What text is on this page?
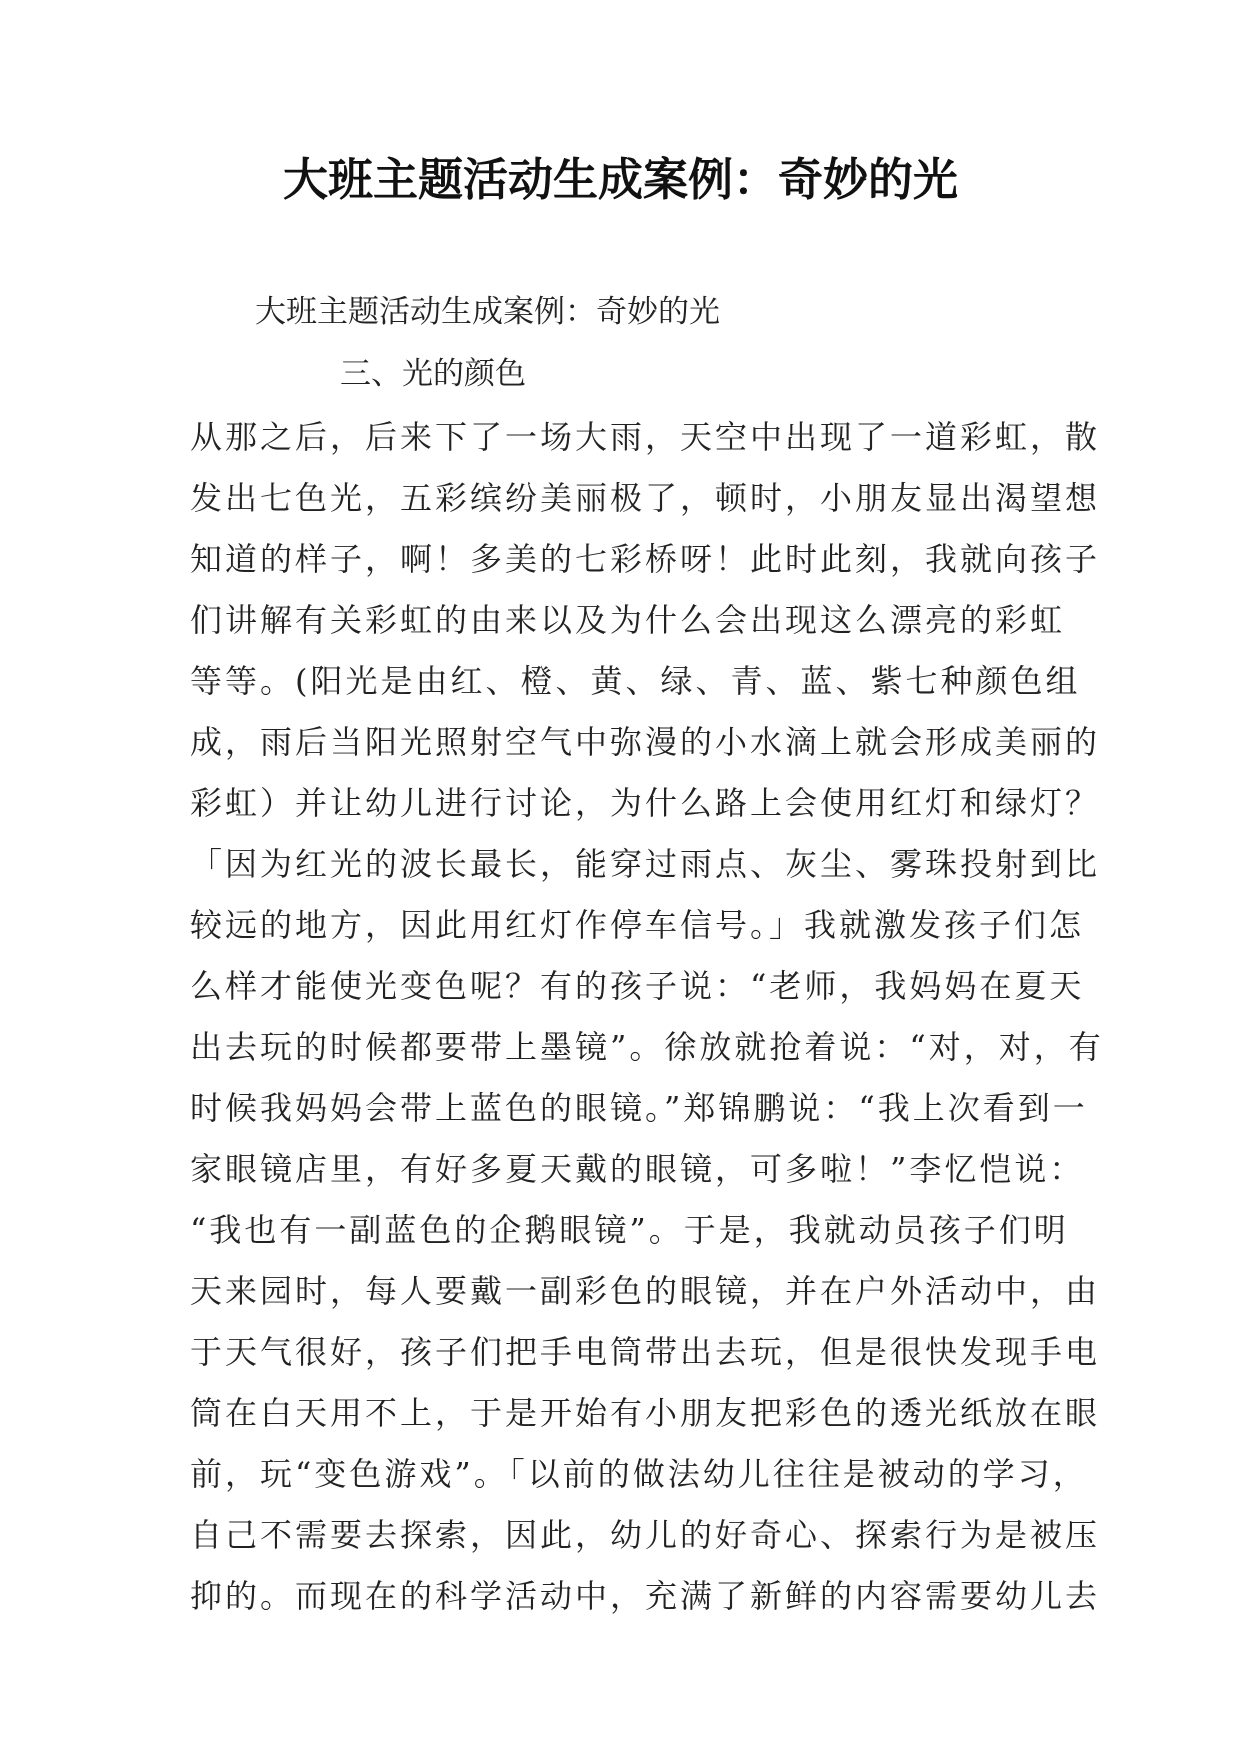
大班主题活动生成案例：奇妙的光

大班主题活动生成案例：奇妙的光

三、光的颜色

从那之后，后来下了一场大雨，天空中出现了一道彩虹，散
发出七色光，五彩缤纷美丽极了，顿时，小朋友显出渴望想
知道的样子，啊！多美的七彩桥呀！此时此刻，我就向孩子
们讲解有关彩虹的由来以及为什么会出现这么漂亮的彩虹
等等。(阳光是由红、橙、黄、绿、青、蓝、紫七种颜色组
成，雨后当阳光照射空气中弥漫的小水滴上就会形成美丽的
彩虹）并让幼儿进行讨论，为什么路上会使用红灯和绿灯？
「因为红光的波长最长，能穿过雨点、灰尘、雾珠投射到比
较远的地方，因此用红灯作停车信号。」我就激发孩子们怎
么样才能使光变色呢？有的孩子说：“老师，我妈妈在夏天
出去玩的时候都要带上墨镜”。徐放就抢着说：“对，对，有
时候我妈妈会带上蓝色的眼镜。”郑锦鹏说：“我上次看到一
家眼镜店里，有好多夏天戴的眼镜，可多啦！”李忆恺说：
“我也有一副蓝色的企鹅眼镜”。于是，我就动员孩子们明
天来园时，每人要戴一副彩色的眼镜，并在户外活动中，由
于天气很好，孩子们把手电筒带出去玩，但是很快发现手电
筒在白天用不上，于是开始有小朋友把彩色的透光纸放在眼
前，玩“变色游戏”。「以前的做法幼儿往往是被动的学习，
自己不需要去探索，因此，幼儿的好奇心、探索行为是被压
抑的。而现在的科学活动中，充满了新鲜的内容需要幼儿去
